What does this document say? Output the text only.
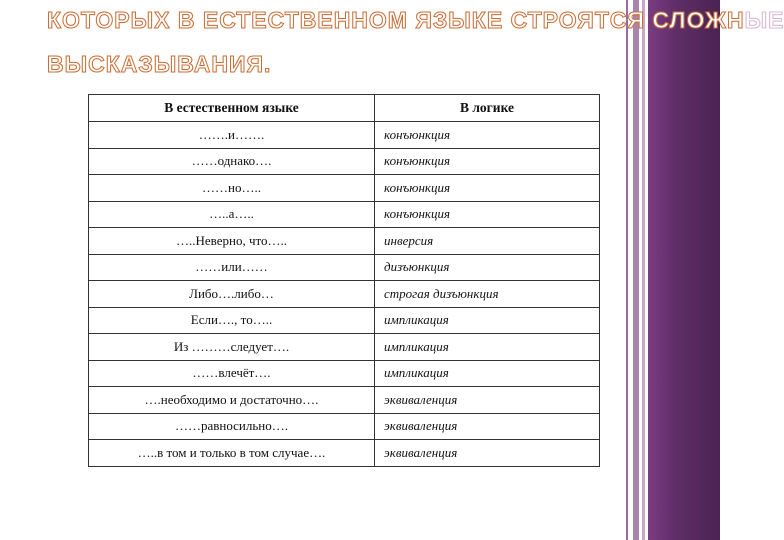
КОТОРЫХ В ЕСТЕСТВЕННОМ ЯЗЫКЕ СТРОЯТСЯ СЛОЖНЫЕ
ВЫСКАЗЫВАНИЯ.
В естественном языке	В логике
…….и…….	конъюнкция
……однако….	конъюнкция
……но…..	конъюнкция
…..а…..	конъюнкция
…..Неверно, что…..	инверсия
……или……	дизъюнкция
Либо….либо…	строгая дизъюнкция
Если…., то…..	импликация
Из ………следует….	импликация
……влечёт….	импликация
….необходимо и достаточно….	эквиваленция
……равносильно….	эквиваленция
…..в том и только в том случае….	эквиваленция
